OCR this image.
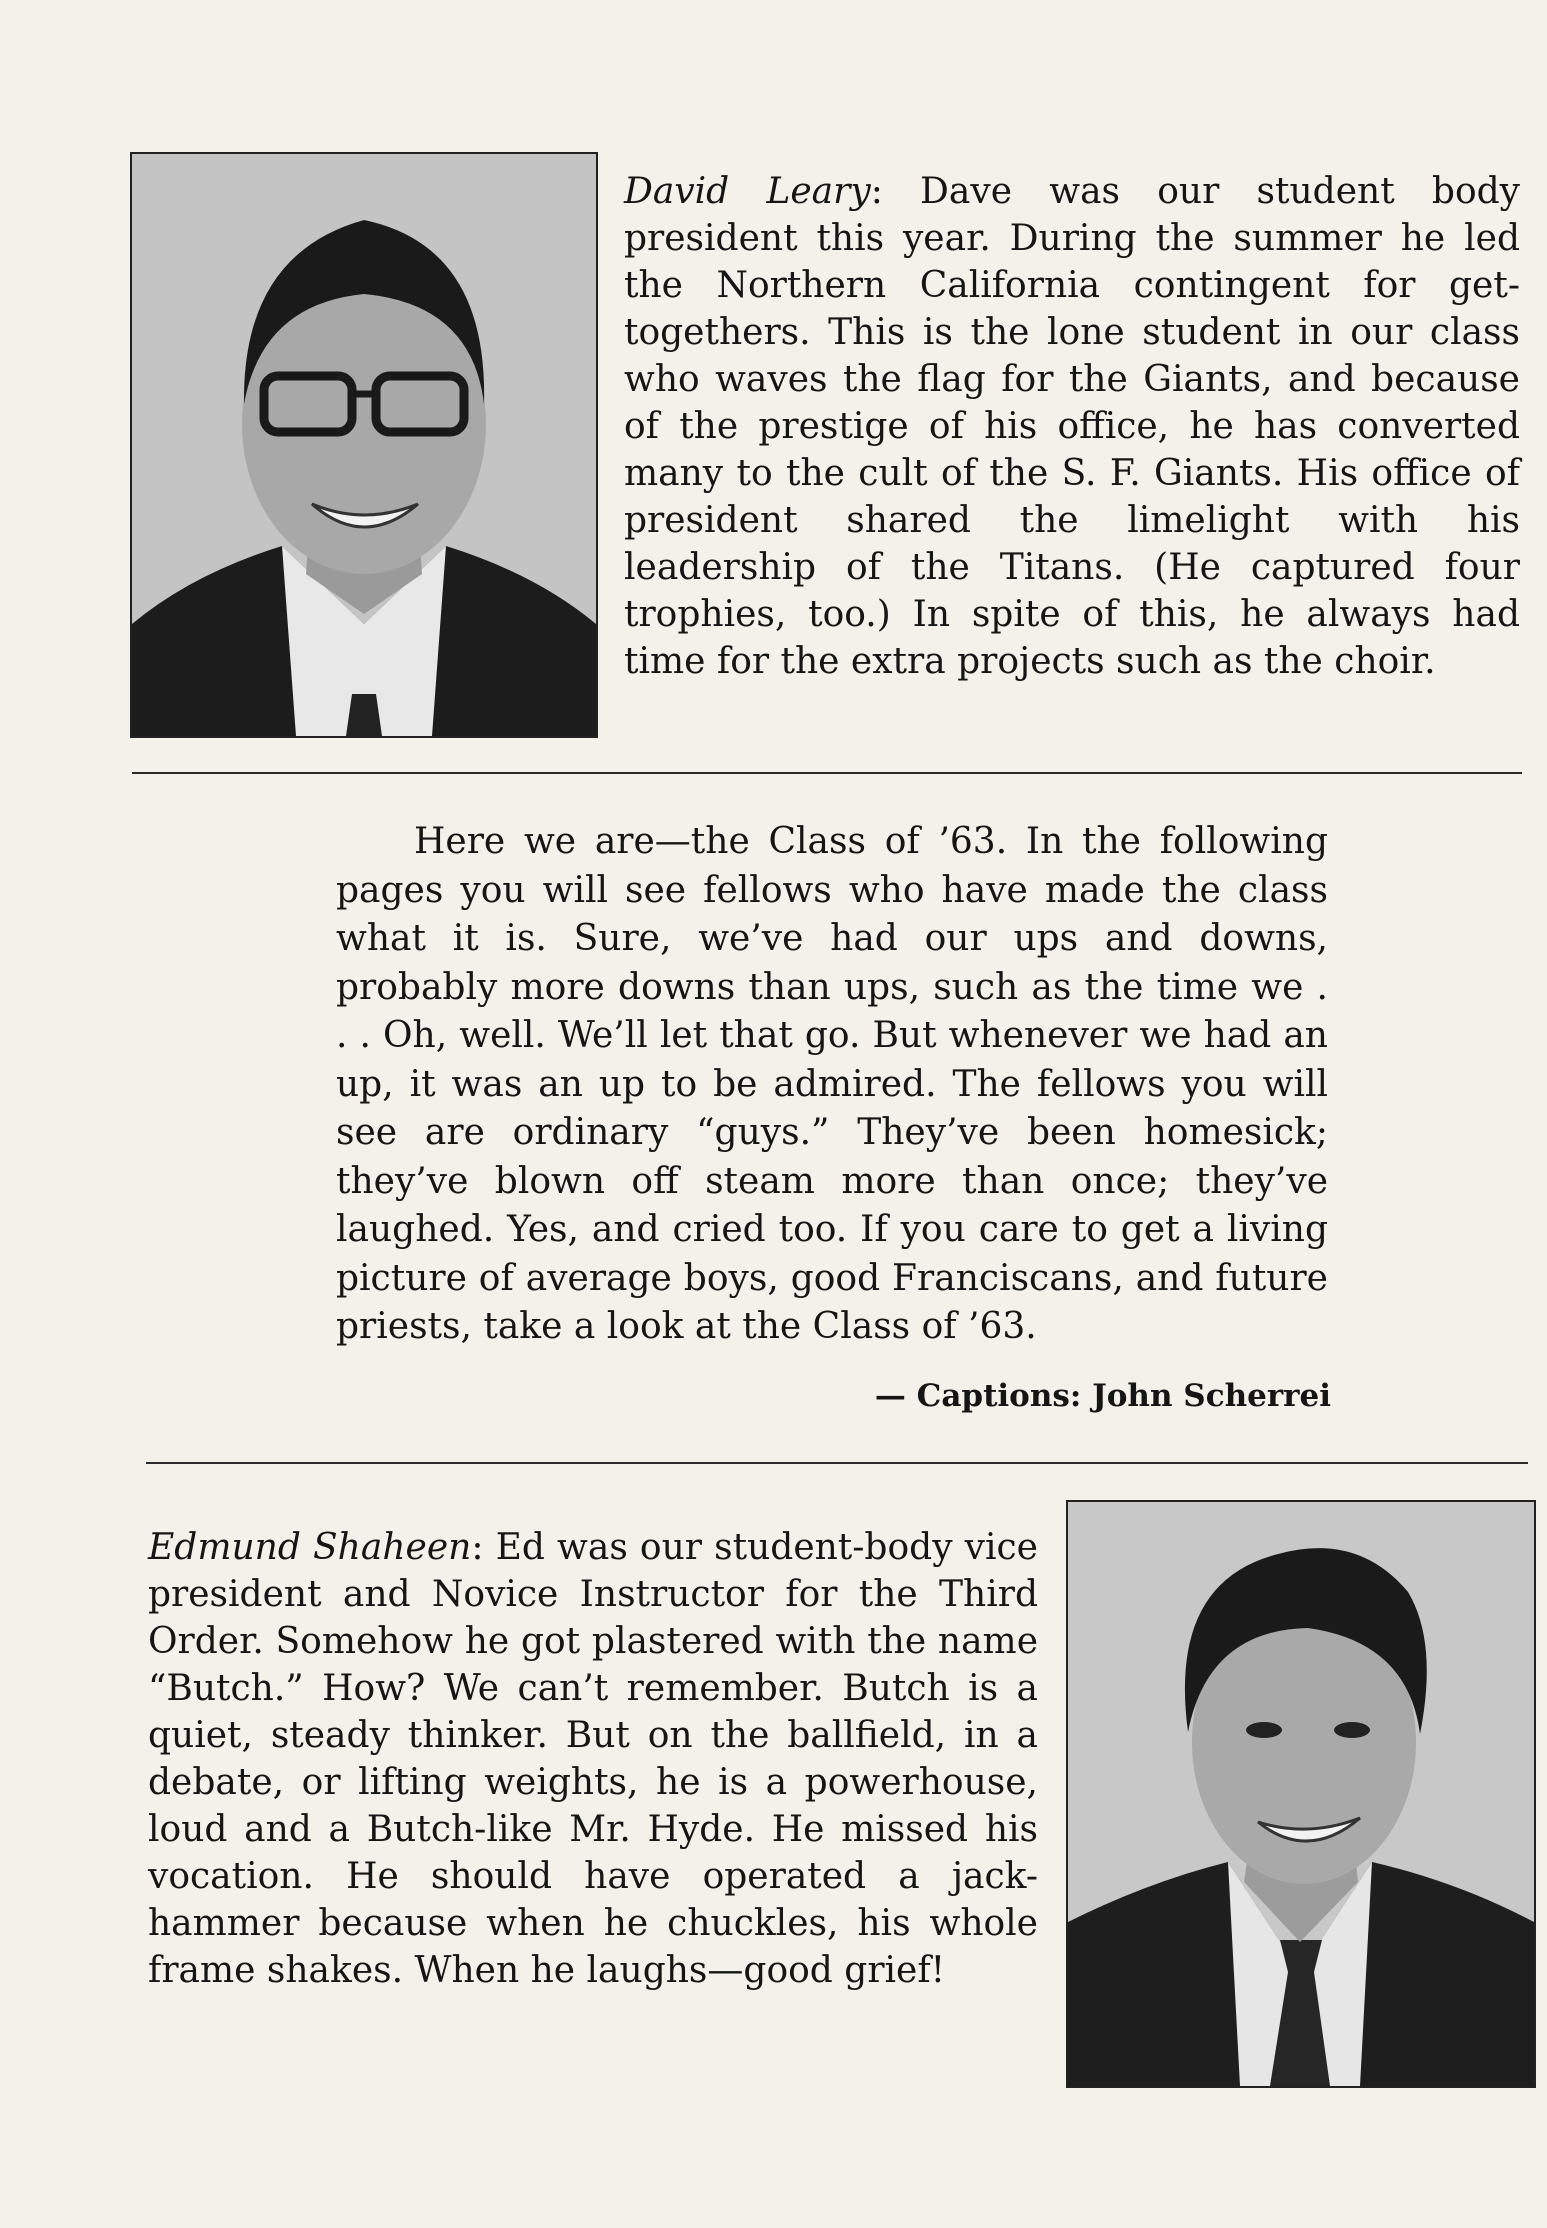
David Leary: Dave was our student body president this year. During the summer he led the Northern California contingent for get-togethers. This is the lone student in our class who waves the flag for the Giants, and because of the prestige of his office, he has converted many to the cult of the S. F. Giants. His office of president shared the limelight with his leadership of the Titans. (He captured four trophies, too.) In spite of this, he always had time for the extra projects such as the choir.
Here we are—the Class of ’63. In the following pages you will see fellows who have made the class what it is. Sure, we’ve had our ups and downs, probably more downs than ups, such as the time we . . . Oh, well. We’ll let that go. But whenever we had an up, it was an up to be admired. The fellows you will see are ordinary “guys.” They’ve been homesick; they’ve blown off steam more than once; they’ve laughed. Yes, and cried too. If you care to get a living picture of average boys, good Franciscans, and future priests, take a look at the Class of ’63.
— Captions: John Scherrei
Edmund Shaheen: Ed was our student-body vice president and Novice Instructor for the Third Order. Somehow he got plastered with the name “Butch.” How? We can’t remember. Butch is a quiet, steady thinker. But on the ballfield, in a debate, or lifting weights, he is a powerhouse, loud and a Butch-like Mr. Hyde. He missed his vocation. He should have operated a jack-hammer because when he chuckles, his whole frame shakes. When he laughs—good grief!
